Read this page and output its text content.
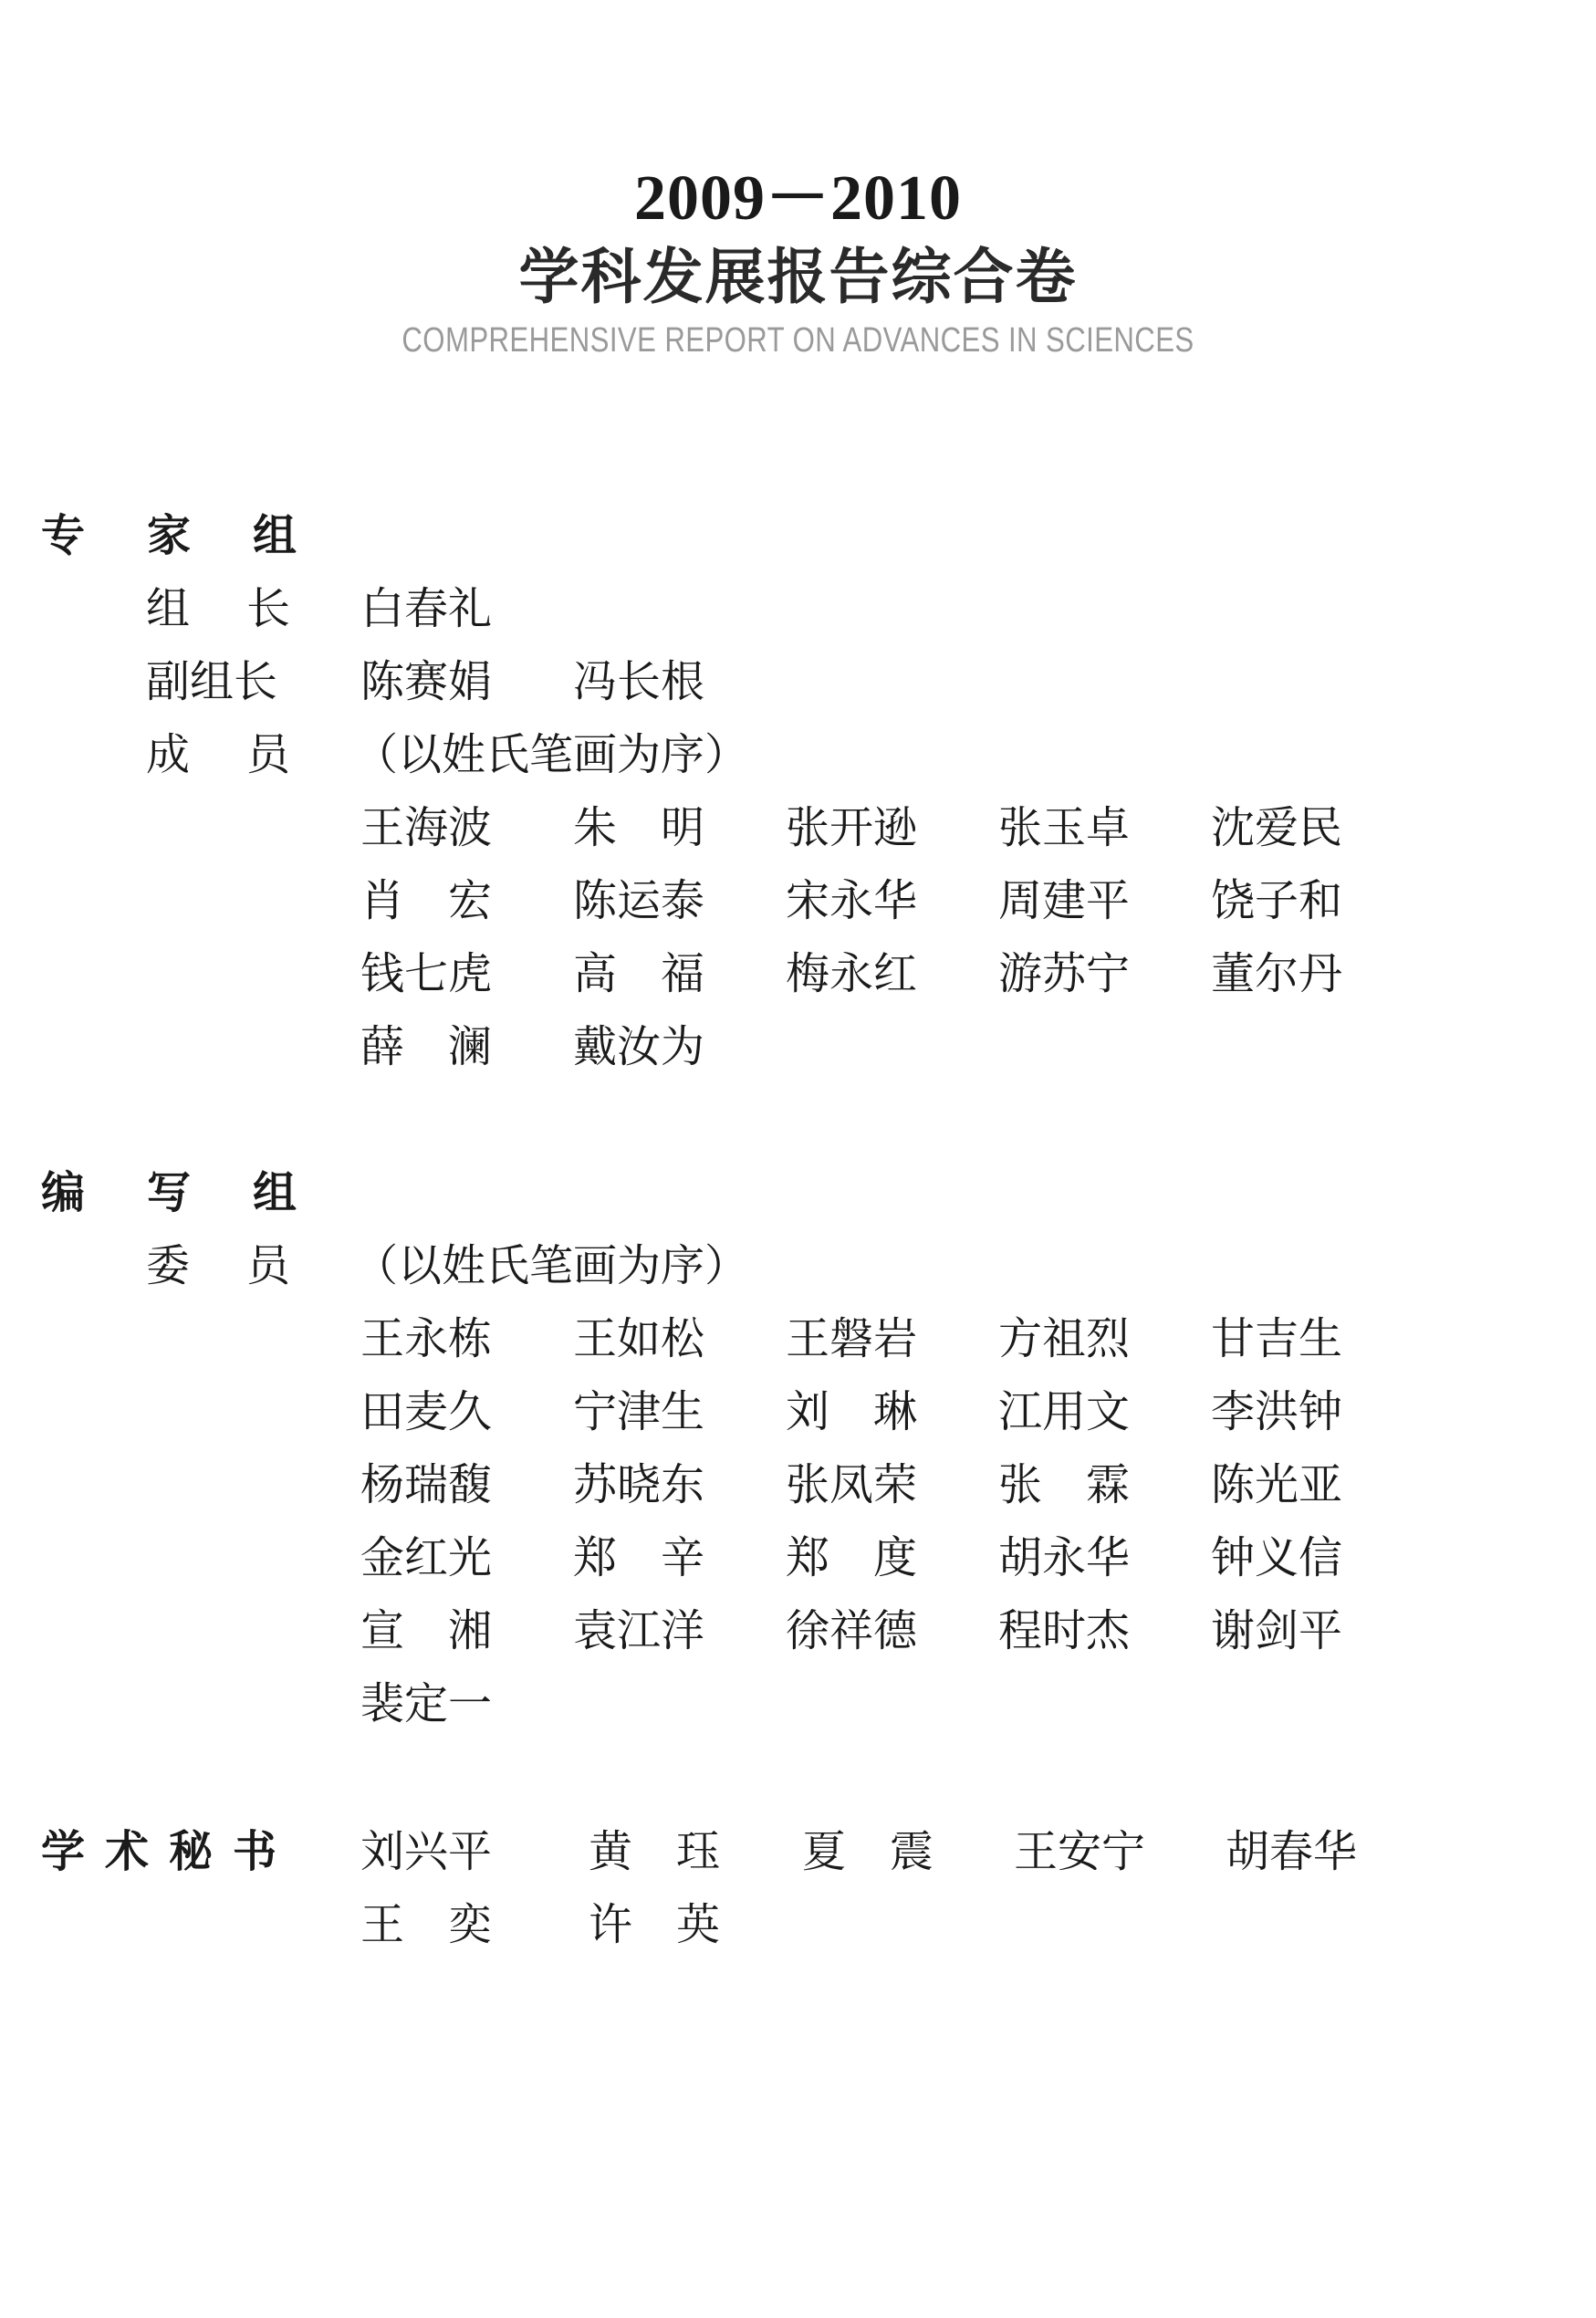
2009－2010
学科发展报告综合卷
COMPREHENSIVE REPORT ON ADVANCES IN SCIENCES
专 家 组
组 长 白春礼
副组长	陈赛娟 冯长根
成 员 （以姓氏笔画为序）
王海波 朱　明 张开逊 张玉卓 沈爱民
肖　宏 陈运泰 宋永华 周建平 饶子和
钱七虎 高　福 梅永红 游苏宁 董尔丹
薛　澜 戴汝为
编 写 组
委 员 （以姓氏笔画为序）
王永栋 王如松 王磐岩 方祖烈 甘吉生
田麦久 宁津生 刘　琳 江用文 李洪钟
杨瑞馥 苏晓东 张凤荣 张　霖 陈光亚
金红光 郑　辛 郑　度 胡永华 钟义信
宣　湘 袁江洋 徐祥德 程时杰 谢剑平
裴定一
学术秘书 刘兴平 黄　珏 夏　震 王安宁 胡春华
王　奕 许　英
